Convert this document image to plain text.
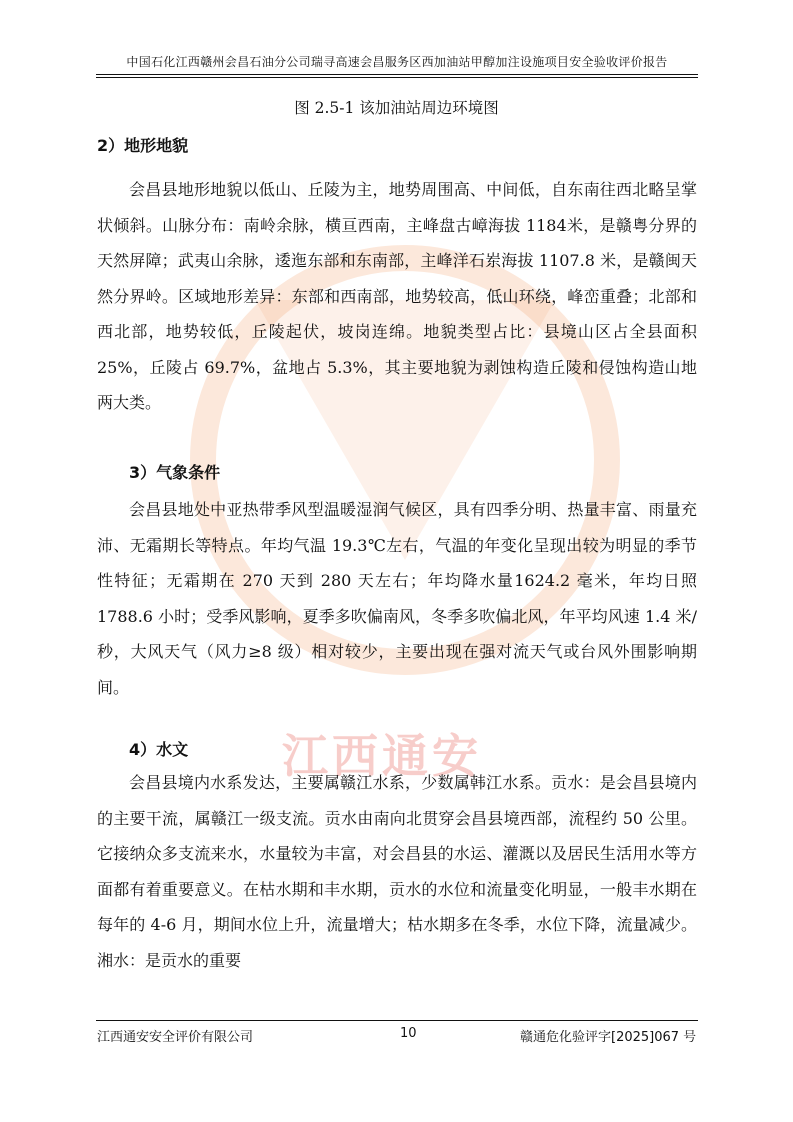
江西通安
中国石化江西赣州会昌石油分公司瑞寻高速会昌服务区西加油站甲醇加注设施项目安全验收评价报告
图 2.5-1 该加油站周边环境图
2）地形地貌
会昌县地形地貌以低山、丘陵为主，地势周围高、中间低，自东南往西北略呈掌状倾斜。山脉分布：南岭余脉，横亘西南，主峰盘古嶂海拔 1184米，是赣粤分界的天然屏障；武夷山余脉，逶迤东部和东南部，主峰洋石岽海拔 1107.8 米，是赣闽天然分界岭。区域地形差异：东部和西南部，地势较高，低山环绕，峰峦重叠；北部和西北部，地势较低，丘陵起伏，坡岗连绵。地貌类型占比：县境山区占全县面积 25%，丘陵占 69.7%，盆地占 5.3%，其主要地貌为剥蚀构造丘陵和侵蚀构造山地两大类。
3）气象条件
会昌县地处中亚热带季风型温暖湿润气候区，具有四季分明、热量丰富、雨量充沛、无霜期长等特点。年均气温 19.3℃左右，气温的年变化呈现出较为明显的季节性特征；无霜期在 270 天到 280 天左右；年均降水量1624.2 毫米，年均日照 1788.6 小时；受季风影响，夏季多吹偏南风，冬季多吹偏北风，年平均风速 1.4 米/秒，大风天气（风力≥8 级）相对较少，主要出现在强对流天气或台风外围影响期间。
4）水文
会昌县境内水系发达，主要属赣江水系，少数属韩江水系。贡水：是会昌县境内的主要干流，属赣江一级支流。贡水由南向北贯穿会昌县境西部，流程约 50 公里。它接纳众多支流来水，水量较为丰富，对会昌县的水运、灌溉以及居民生活用水等方面都有着重要意义。在枯水期和丰水期，贡水的水位和流量变化明显，一般丰水期在每年的 4-6 月，期间水位上升，流量增大；枯水期多在冬季，水位下降，流量减少。湘水：是贡水的重要
江西通安安全评价有限公司	10	赣通危化验评字[2025]067 号
